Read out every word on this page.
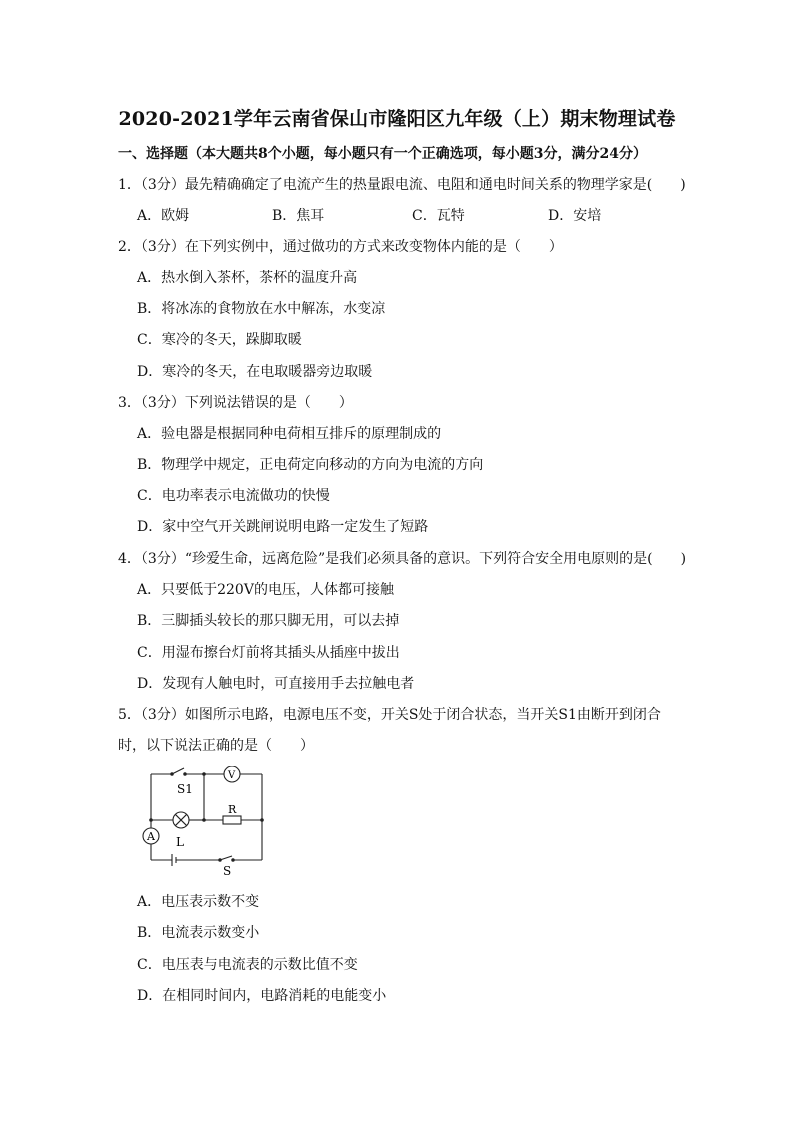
2020-2021学年云南省保山市隆阳区九年级（上）期末物理试卷
一、选择题（本大题共8个小题，每小题只有一个正确选项，每小题3分，满分24分）
1．（3分）最先精确确定了电流产生的热量跟电流、电阻和通电时间关系的物理学家是(　　)
A．欧姆	B．焦耳	C．瓦特	D．安培
2．（3分）在下列实例中，通过做功的方式来改变物体内能的是（　　）
A．热水倒入茶杯，茶杯的温度升高
B．将冰冻的食物放在水中解冻，水变凉
C．寒冷的冬天，跺脚取暖
D．寒冷的冬天，在电取暖器旁边取暖
3．（3分）下列说法错误的是（　　）
A．验电器是根据同种电荷相互排斥的原理制成的
B．物理学中规定，正电荷定向移动的方向为电流的方向
C．电功率表示电流做功的快慢
D．家中空气开关跳闸说明电路一定发生了短路
4．（3分）“珍爱生命，远离危险”是我们必须具备的意识。下列符合安全用电原则的是(　　)
A．只要低于220V的电压，人体都可接触
B．三脚插头较长的那只脚无用，可以去掉
C．用湿布擦台灯前将其插头从插座中拔出
D．发现有人触电时，可直接用手去拉触电者
5．（3分）如图所示电路，电源电压不变，开关S处于闭合状态，当开关S1由断开到闭合
时，以下说法正确的是（　　）
S1
V
R
A L
S
A．电压表示数不变
B．电流表示数变小
C．电压表与电流表的示数比值不变
D．在相同时间内，电路消耗的电能变小
